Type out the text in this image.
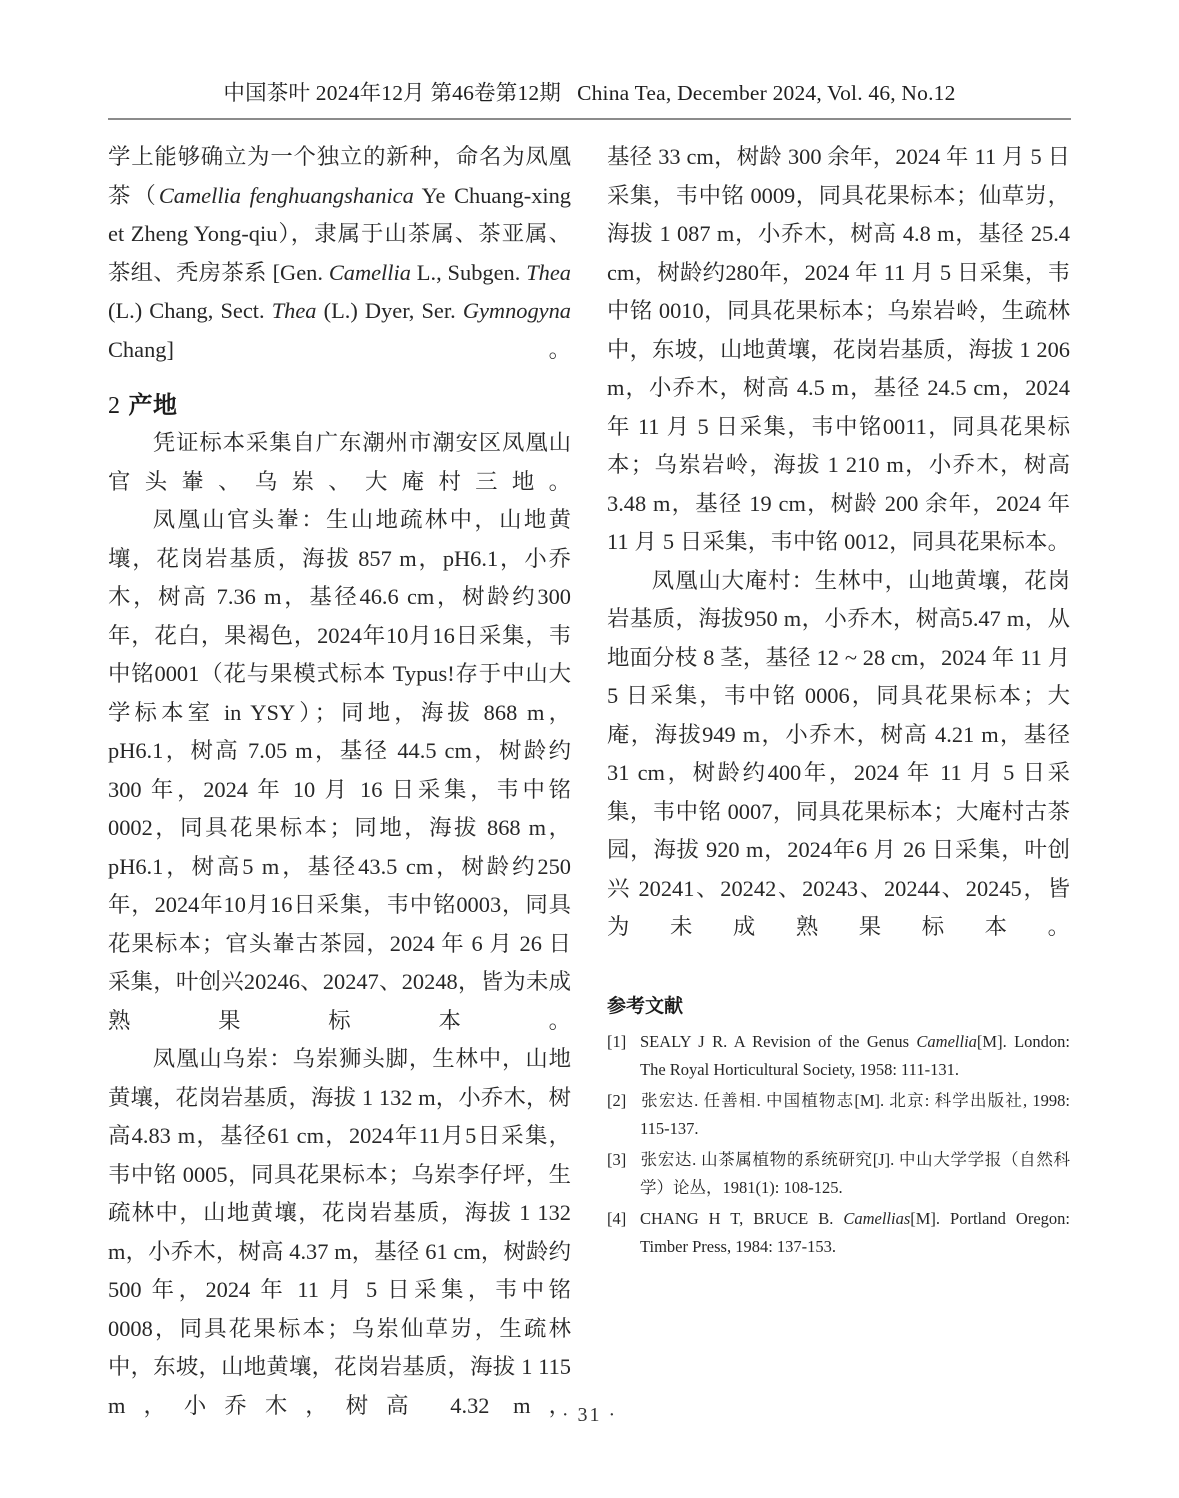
中国茶叶 2024年12月 第46卷第12期 China Tea, December 2024, Vol. 46, No.12

学上能够确立为一个独立的新种，命名为凤凰茶（Camellia fenghuangshanica Ye Chuang-xing et Zheng Yong-qiu），隶属于山茶属、茶亚属、茶组、秃房茶系 [Gen. Camellia L., Subgen. Thea (L.) Chang, Sect. Thea (L.) Dyer, Ser. Gymnogyna Chang]。

2 产地

凭证标本采集自广东潮州市潮安区凤凰山官头輋、乌岽、大庵村三地。

凤凰山官头輋：生山地疏林中，山地黄壤，花岗岩基质，海拔 857 m，pH6.1，小乔木，树高 7.36 m，基径46.6 cm，树龄约300年，花白，果褐色，2024年10月16日采集，韦中铭0001（花与果模式标本 Typus!存于中山大学标本室 in YSY）；同地，海拔 868 m，pH6.1，树高 7.05 m，基径 44.5 cm，树龄约 300 年，2024 年 10 月 16 日采集，韦中铭0002，同具花果标本；同地，海拔 868 m，pH6.1，树高5 m，基径43.5 cm，树龄约250年，2024年10月16日采集，韦中铭0003，同具花果标本；官头輋古茶园，2024 年 6 月 26 日采集，叶创兴20246、20247、20248，皆为未成熟果标本。

凤凰山乌岽：乌岽狮头脚，生林中，山地黄壤，花岗岩基质，海拔 1 132 m，小乔木，树高4.83 m，基径61 cm，2024年11月5日采集，韦中铭 0005，同具花果标本；乌岽李仔坪，生疏林中，山地黄壤，花岗岩基质，海拔 1 132 m，小乔木，树高 4.37 m，基径 61 cm，树龄约 500 年，2024 年 11 月 5 日采集，韦中铭 0008，同具花果标本；乌岽仙草岃，生疏林中，东坡，山地黄壤，花岗岩基质，海拔 1 115 m，小乔木，树高 4.32 m，

基径 33 cm，树龄 300 余年，2024 年 11 月 5 日采集，韦中铭 0009，同具花果标本；仙草岃，海拔 1 087 m，小乔木，树高 4.8 m，基径 25.4 cm，树龄约280年，2024 年 11 月 5 日采集，韦中铭 0010，同具花果标本；乌岽岩岭，生疏林中，东坡，山地黄壤，花岗岩基质，海拔 1 206 m，小乔木，树高 4.5 m，基径 24.5 cm，2024 年 11 月 5 日采集，韦中铭0011，同具花果标本；乌岽岩岭，海拔 1 210 m，小乔木，树高 3.48 m，基径 19 cm，树龄 200 余年，2024 年 11 月 5 日采集，韦中铭 0012，同具花果标本。

凤凰山大庵村：生林中，山地黄壤，花岗岩基质，海拔950 m，小乔木，树高5.47 m，从地面分枝 8 茎，基径 12 ~ 28 cm，2024 年 11 月 5 日采集，韦中铭 0006，同具花果标本；大庵，海拔949 m，小乔木，树高 4.21 m，基径 31 cm，树龄约400年，2024 年 11 月 5 日采集，韦中铭 0007，同具花果标本；大庵村古茶园，海拔 920 m，2024年6 月 26 日采集，叶创兴 20241、20242、20243、20244、20245，皆为未成熟果标本。

参考文献
[1] SEALY J R. A Revision of the Genus Camellia[M]. London: The Royal Horticultural Society, 1958: 111-131.
[2] 张宏达. 任善相. 中国植物志[M]. 北京: 科学出版社, 1998: 115-137.
[3] 张宏达. 山茶属植物的系统研究[J]. 中山大学学报（自然科学）论丛，1981(1): 108-125.
[4] CHANG H T, BRUCE B. Camellias[M]. Portland Oregon: Timber Press, 1984: 137-153.
· 31 ·
